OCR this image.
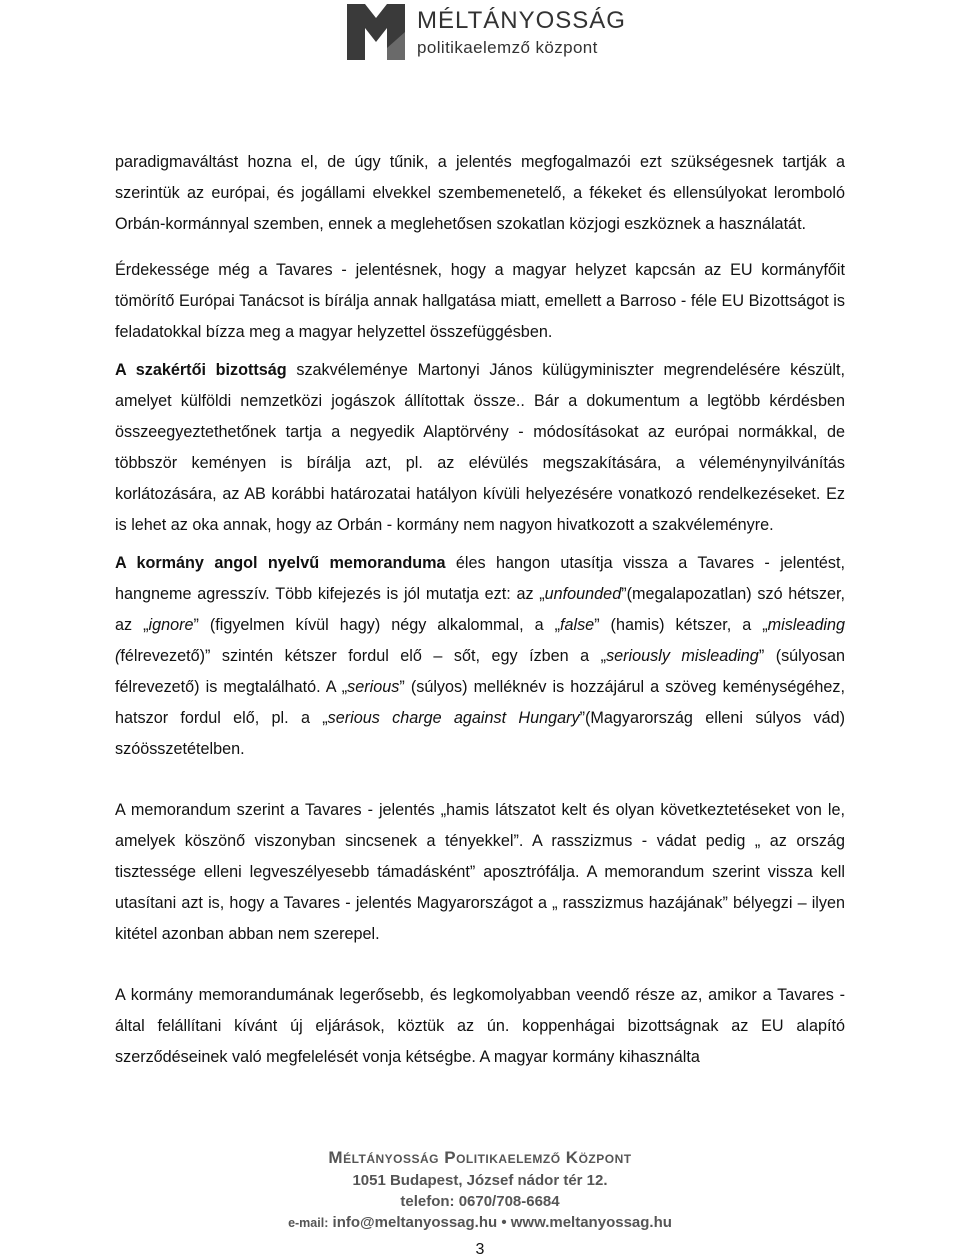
MÉLTÁNYOSSÁG
politikaelemző központ

paradigmaváltást hozna el, de úgy tűnik, a jelentés megfogalmazói ezt szükségesnek tartják a szerintük az európai, és jogállami elvekkel szembemenetelő, a fékeket és ellensúlyokat leromboló Orbán-kormánnyal szemben, ennek a meglehetősen szokatlan közjogi eszköznek a használatát.

Érdekessége még a Tavares - jelentésnek, hogy a magyar helyzet kapcsán az EU kormányfőit tömörítő Európai Tanácsot is bírálja annak hallgatása miatt, emellett a Barroso - féle EU Bizottságot is feladatokkal bízza meg a magyar helyzettel összefüggésben.

A szakértői bizottság szakvéleménye Martonyi János külügyminiszter megrendelésére készült, amelyet külföldi nemzetközi jogászok állítottak össze.. Bár a dokumentum a legtöbb kérdésben összeegyeztethetőnek tartja a negyedik Alaptörvény - módosításokat az európai normákkal, de többször keményen is bírálja azt, pl. az elévülés megszakítására, a véleménynyilvánítás korlátozására, az AB korábbi határozatai hatályon kívüli helyezésére vonatkozó rendelkezéseket. Ez is lehet az oka annak, hogy az Orbán - kormány nem nagyon hivatkozott a szakvéleményre.

A kormány angol nyelvű memoranduma éles hangon utasítja vissza a Tavares - jelentést, hangneme agresszív. Több kifejezés is jól mutatja ezt: az „unfounded”(megalapozatlan) szó hétszer, az „ignore” (figyelmen kívül hagy) négy alkalommal, a „false” (hamis) kétszer, a „misleading (félrevezető)” szintén kétszer fordul elő – sőt, egy ízben a „seriously misleading” (súlyosan félrevezető) is megtalálható. A „serious” (súlyos) melléknév is hozzájárul a szöveg keménységéhez, hatszor fordul elő, pl. a „serious charge against Hungary”(Magyarország elleni súlyos vád) szóösszetételben.

A memorandum szerint a Tavares - jelentés „hamis látszatot kelt és olyan következtetéseket von le, amelyek köszönő viszonyban sincsenek a tényekkel”. A rasszizmus - vádat pedig „ az ország tisztessége elleni legveszélyesebb támadásként” aposztrófálja. A memorandum szerint vissza kell utasítani azt is, hogy a Tavares - jelentés Magyarországot a „ rasszizmus hazájának” bélyegzi – ilyen kitétel azonban abban nem szerepel.

A kormány memorandumának legerősebb, és legkomolyabban veendő része az, amikor a Tavares - által felállítani kívánt új eljárások, köztük az ún. koppenhágai bizottságnak az EU alapító szerződéseinek való megfelelését vonja kétségbe. A magyar kormány kihasználta

Méltányosság Politikaelemző Központ
1051 Budapest, József nádor tér 12.
telefon: 0670/708-6684
e-mail: info@meltanyossag.hu • www.meltanyossag.hu
3
